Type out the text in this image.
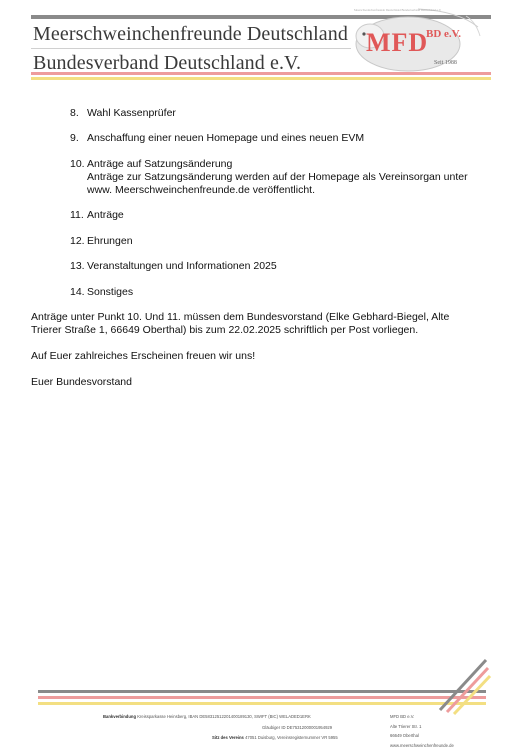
Meerschweinchenfreunde Deutschland
Bundesverband Deutschland e.V.
MFD
BD e.V.
Seit 1988
Meerschweinchenfreunde Deutschland Bundesverband Deutschland e.V.
8. Wahl Kassenprüfer
9. Anschaffung einer neuen Homepage und eines neuen EVM
10. Anträge auf Satzungsänderung
Anträge zur Satzungsänderung werden auf der Homepage als Vereinsorgan unter
www. Meerschweinchenfreunde.de veröffentlicht.
11. Anträge
12. Ehrungen
13. Veranstaltungen und Informationen 2025
14. Sonstiges
Anträge unter Punkt 10. Und 11. müssen dem Bundesvorstand (Elke Gebhard-Biegel, Alte
Trierer Straße 1, 66649 Oberthal) bis zum 22.02.2025 schriftlich per Post vorliegen.
Auf Euer zahlreiches Erscheinen freuen wir uns!
Euer Bundesvorstand
Bankverbindung Kreissparkasse Heinsberg, IBAN DE58312512201400189130, SWIFT (BIC) WELADED1ERK
Gläubiger ID DE75312000001954929
Sitz des Vereins 47051 Duisburg, Vereinsregisternummer VR 5955
MFD BD e.V.
Alte Trierer Str. 1
66649 Oberthal
www.meerschweinchenfreunde.de
